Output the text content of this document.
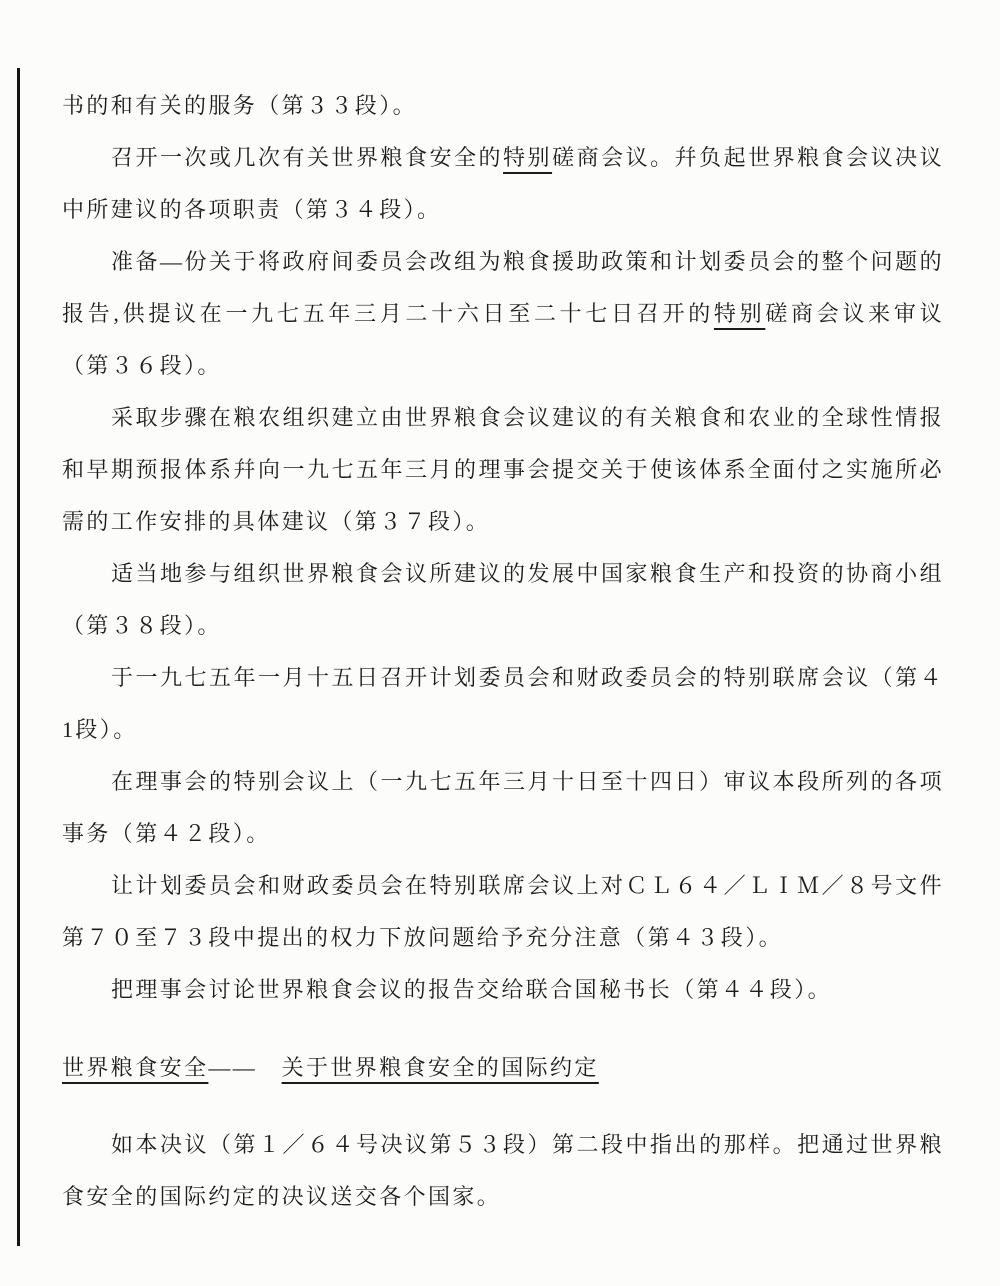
书的和有关的服务（第３３段）。

召开一次或几次有关世界粮食安全的特别磋商会议。幷负起世界粮食会议决议中所建议的各项职责（第３４段）。

准备—份关于将政府间委员会改组为粮食援助政策和计划委员会的整个问题的报告,供提议在一九七五年三月二十六日至二十七日召开的特别磋商会议来审议（第３６段）。

采取步骤在粮农组织建立由世界粮食会议建议的有关粮食和农业的全球性情报和早期预报体系幷向一九七五年三月的理事会提交关于使该体系全面付之实施所必需的工作安排的具体建议（第３７段）。

适当地参与组织世界粮食会议所建议的发展中国家粮食生产和投资的协商小组（第３８段）。

于一九七五年一月十五日召开计划委员会和财政委员会的特别联席会议（第４1段）。

在理事会的特别会议上（一九七五年三月十日至十四日）审议本段所列的各项事务（第４２段）。

让计划委员会和财政委员会在特别联席会议上对ＣＬ６４／ＬＩＭ／８号文件第７０至７３段中提出的权力下放问题给予充分注意（第４３段）。

把理事会讨论世界粮食会议的报告交给联合国秘书长（第４４段）。

世界粮食安全——　关于世界粮食安全的国际约定

如本决议（第１／６４号决议第５３段）第二段中指出的那样。把通过世界粮食安全的国际约定的决议送交各个国家。
